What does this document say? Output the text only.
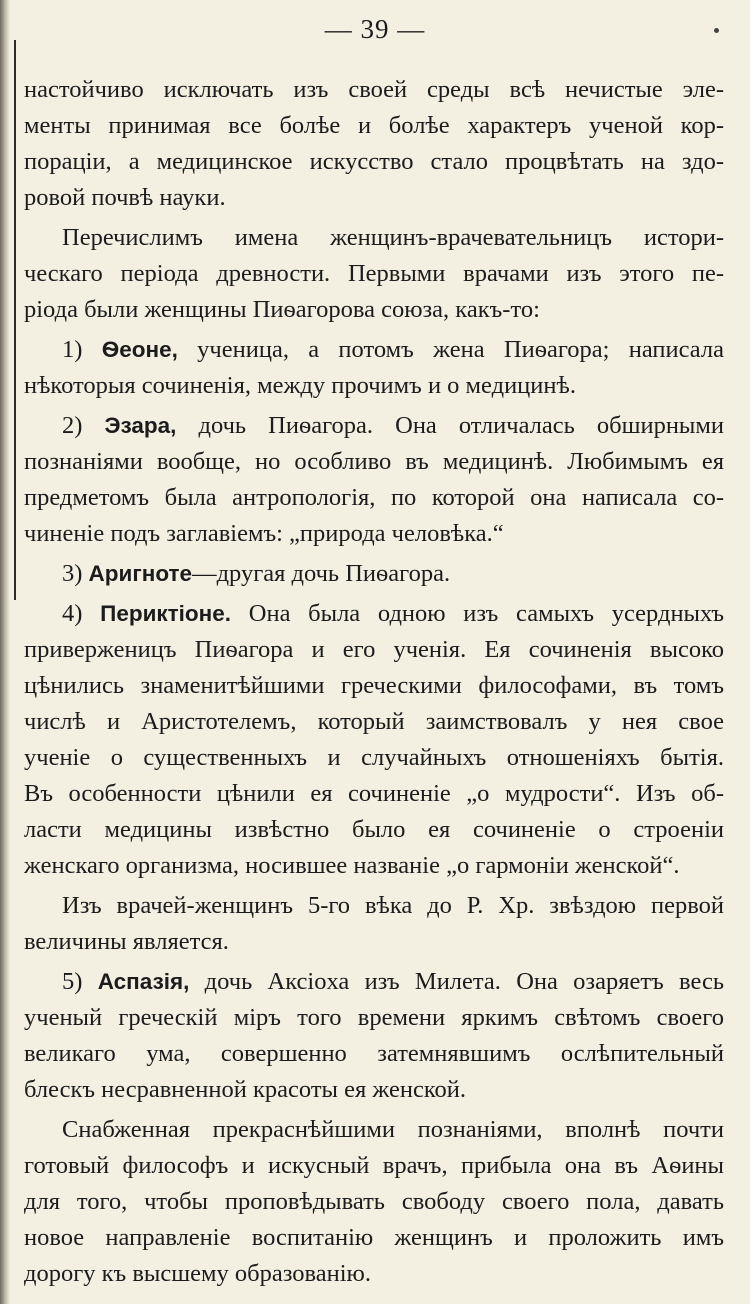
— 39 —
настойчиво исключать изъ своей среды всѣ нечистые эле-
менты принимая все болѣе и болѣе характеръ ученой кор-
порацiи, а медицинское искусство стало процвѣтать на здо-
ровой почвѣ науки.
Перечислимъ имена женщинъ-врачевательницъ истори-
ческаго перiода древности. Первыми врачами изъ этого пе-
рiода были женщины Пиѳагорова союза, какъ-то:
1) Ѳеоне, ученица, а потомъ жена Пиѳагора; написала
нѣкоторыя сочиненiя, между прочимъ и о медицинѣ.
2) Эзара, дочь Пиѳагора. Она отличалась обширными
познанiями вообще, но особливо въ медицинѣ. Любимымъ ея
предметомъ была антропологiя, по которой она написала со-
чиненiе подъ заглавiемъ: „природа человѣка.“
3) Аригноте—другая дочь Пиѳагора.
4) Периктiоне. Она была одною изъ самыхъ усердныхъ
приверженицъ Пиѳагора и его ученiя. Ея сочиненiя высоко
цѣнились знаменитѣйшими греческими философами, въ томъ
числѣ и Аристотелемъ, который заимствовалъ у нея свое
ученiе о существенныхъ и случайныхъ отношенiяхъ бытiя.
Въ особенности цѣнили ея сочиненiе „о мудрости“. Изъ об-
ласти медицины извѣстно было ея сочиненiе о строенiи
женскаго организма, носившее названiе „о гармонiи женской“.
Изъ врачей-женщинъ 5-го вѣка до Р. Хр. звѣздою первой
величины является.
5) Аспазiя, дочь Аксioха изъ Милета. Она озаряетъ весь
ученый греческiй мiръ того времени яркимъ свѣтомъ своего
великаго ума, совершенно затемнявшимъ ослѣпительный
блескъ несравненной красоты ея женской.
Снабженная прекраснѣйшими познанiями, вполнѣ почти
готовый философъ и искусный врачъ, прибыла она въ Аѳины
для того, чтобы проповѣдывать свободу своего пола, давать
новое направленiе воспитанiю женщинъ и проложить имъ
дорогу къ высшему образованiю.
